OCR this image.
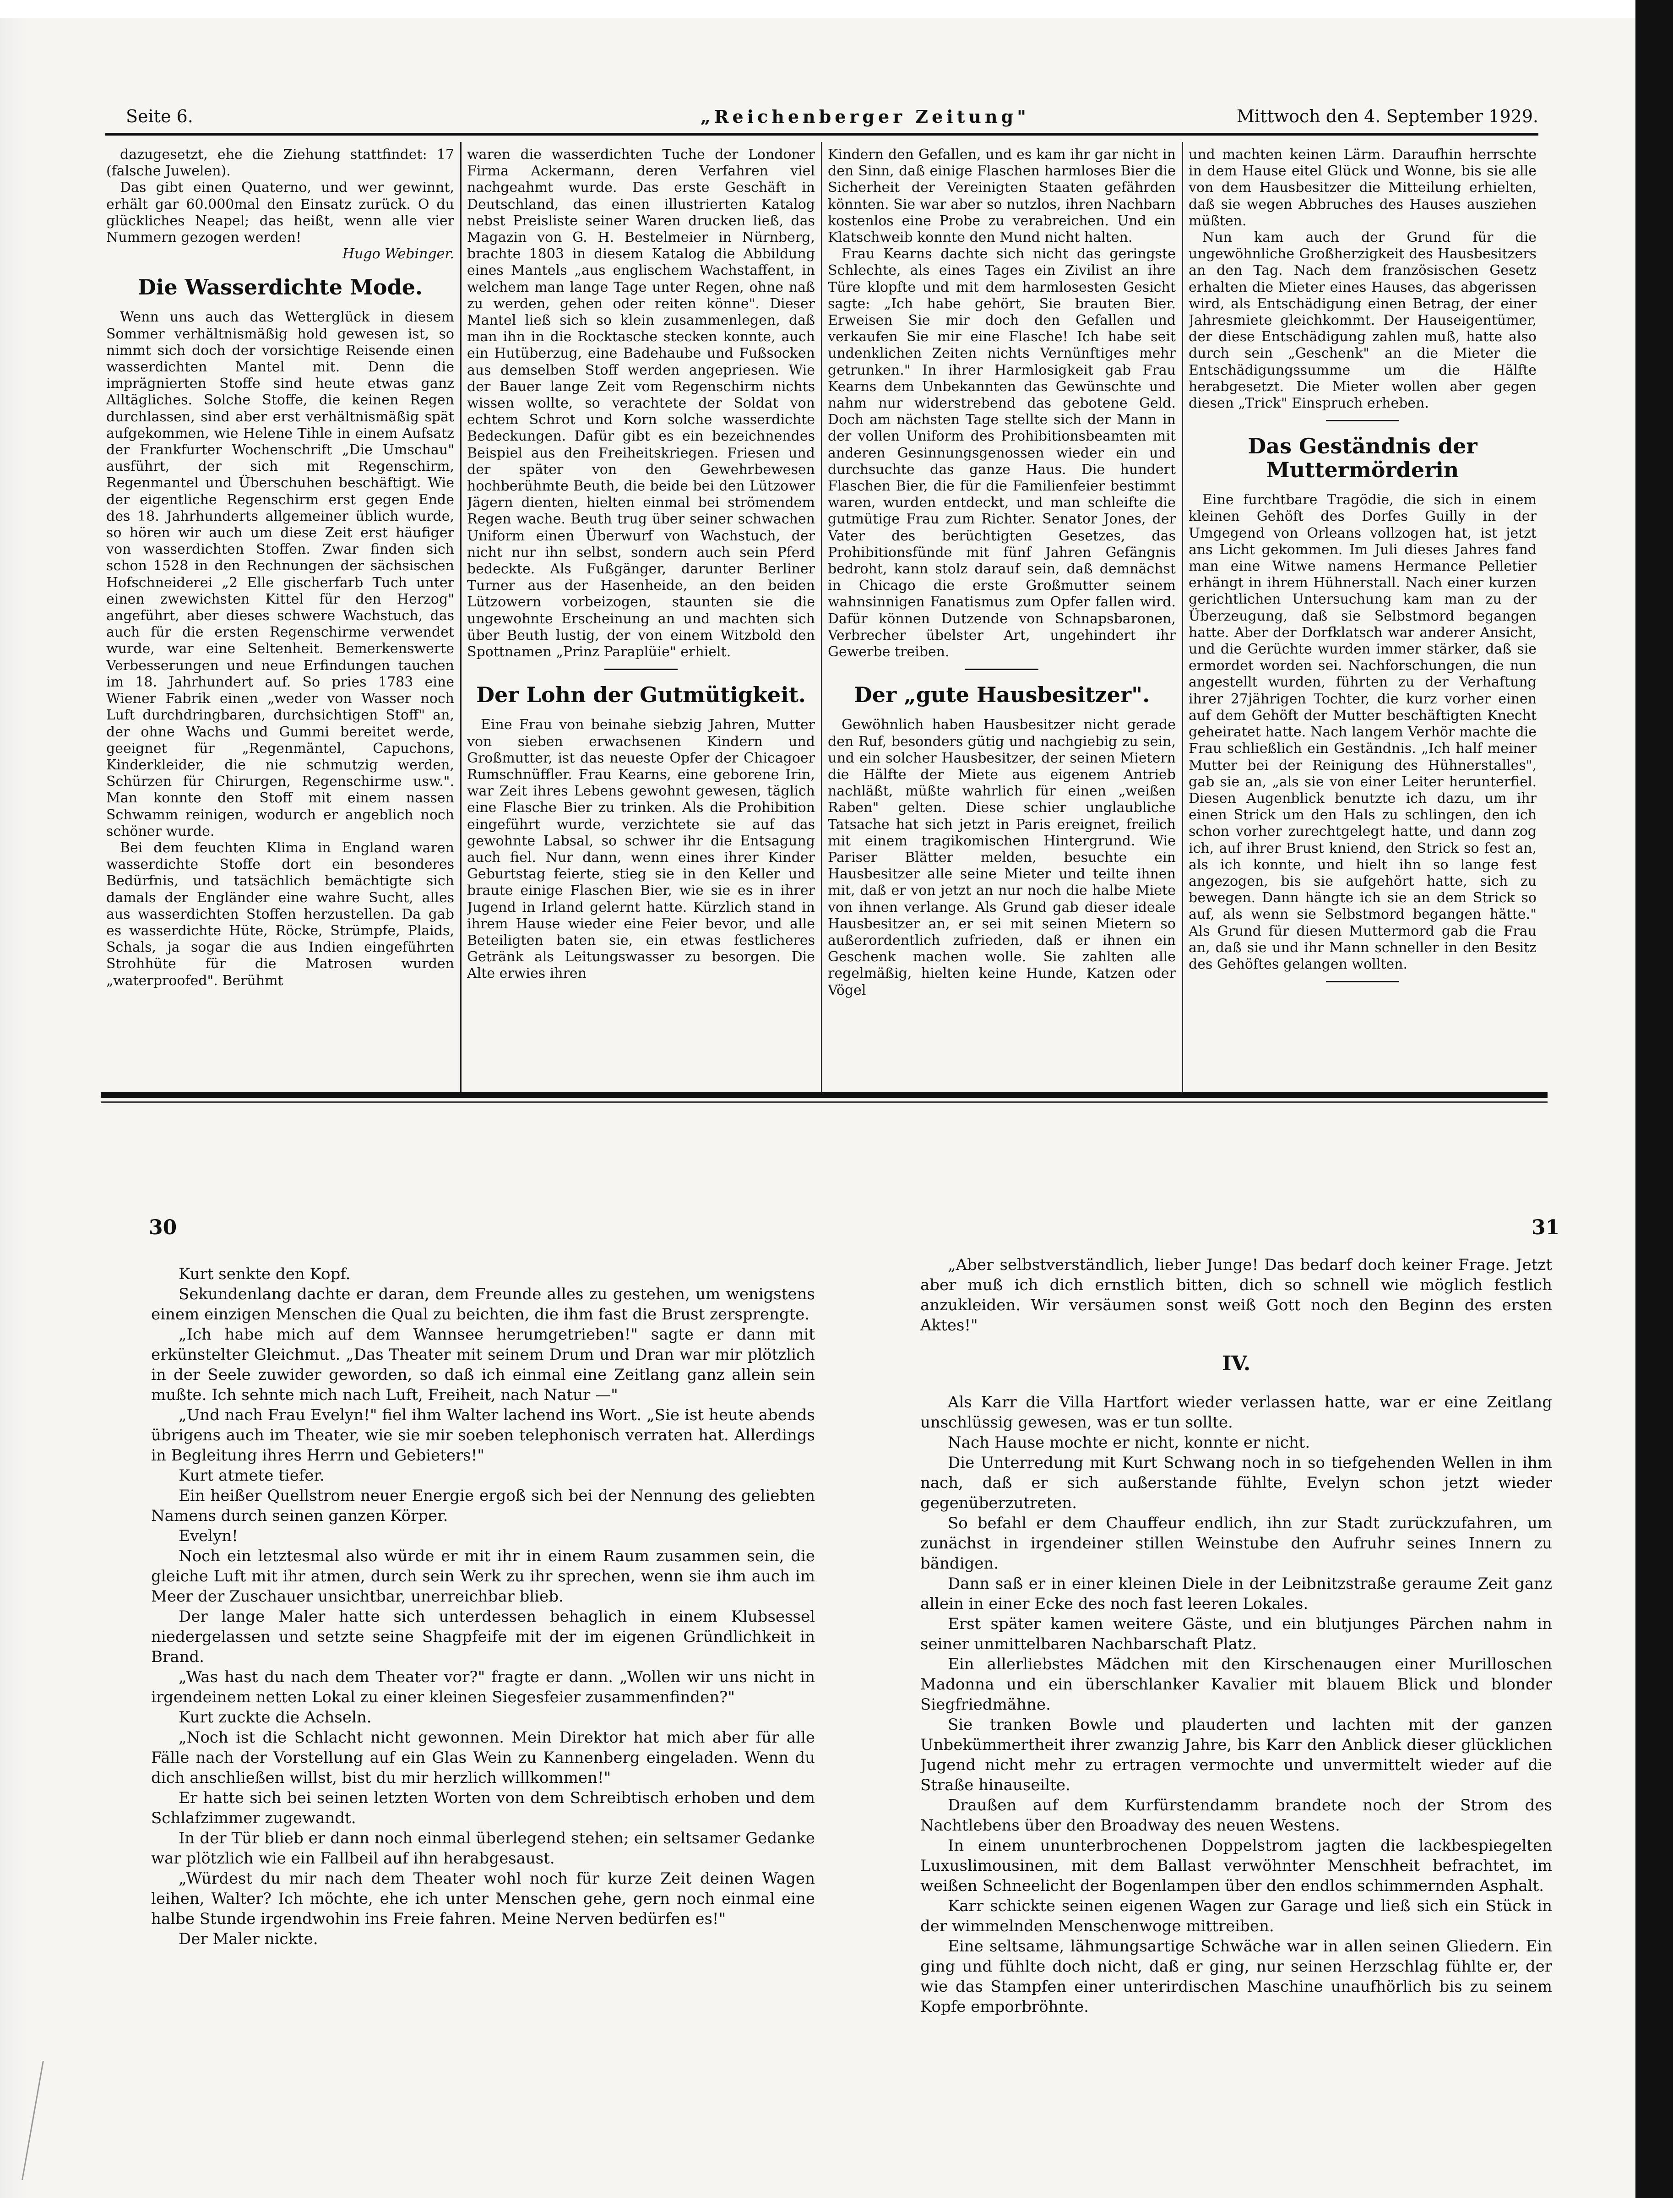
Seite 6.	„Reichenberger Zeitung"	Mittwoch den 4. September 1929.

dazugesetzt, ehe die Ziehung stattfindet: 17 (falsche Juwelen).

Das gibt einen Quaterno, und wer gewinnt, erhält gar 60.000mal den Einsatz zurück. O du glückliches Neapel; das heißt, wenn alle vier Nummern gezogen werden!

Hugo Webinger.

Die Wasserdichte Mode.

Wenn uns auch das Wetterglück in diesem Sommer verhältnismäßig hold gewesen ist, so nimmt sich doch der vorsichtige Reisende einen wasserdichten Mantel mit. Denn die imprägnierten Stoffe sind heute etwas ganz Alltägliches. Solche Stoffe, die keinen Regen durchlassen, sind aber erst verhältnismäßig spät aufgekommen, wie Helene Tihle in einem Aufsatz der Frankfurter Wochenschrift „Die Umschau" ausführt, der sich mit Regenschirm, Regenmantel und Überschuhen beschäftigt. Wie der eigentliche Regenschirm erst gegen Ende des 18. Jahrhunderts allgemeiner üblich wurde, so hören wir auch um diese Zeit erst häufiger von wasserdichten Stoffen. Zwar finden sich schon 1528 in den Rechnungen der sächsischen Hofschneiderei „2 Elle gischerfarb Tuch unter einen zwewichsten Kittel für den Herzog" angeführt, aber dieses schwere Wachstuch, das auch für die ersten Regenschirme verwendet wurde, war eine Seltenheit. Bemerkenswerte Verbesserungen und neue Erfindungen tauchen im 18. Jahrhundert auf. So pries 1783 eine Wiener Fabrik einen „weder von Wasser noch Luft durchdringbaren, durchsichtigen Stoff" an, der ohne Wachs und Gummi bereitet werde, geeignet für „Regenmäntel, Capuchons, Kinderkleider, die nie schmutzig werden, Schürzen für Chirurgen, Regenschirme usw.". Man konnte den Stoff mit einem nassen Schwamm reinigen, wodurch er angeblich noch schöner wurde.

Bei dem feuchten Klima in England waren wasserdichte Stoffe dort ein besonderes Bedürfnis, und tatsächlich bemächtigte sich damals der Engländer eine wahre Sucht, alles aus wasserdichten Stoffen herzustellen. Da gab es wasserdichte Hüte, Röcke, Strümpfe, Plaids, Schals, ja sogar die aus Indien eingeführten Strohhüte für die Matrosen wurden „waterproofed". Berühmt

waren die wasserdichten Tuche der Londoner Firma Ackermann, deren Verfahren viel nachgeahmt wurde. Das erste Geschäft in Deutschland, das einen illustrierten Katalog nebst Preisliste seiner Waren drucken ließ, das Magazin von G. H. Bestelmeier in Nürnberg, brachte 1803 in diesem Katalog die Abbildung eines Mantels „aus englischem Wachstaffent, in welchem man lange Tage unter Regen, ohne naß zu werden, gehen oder reiten könne". Dieser Mantel ließ sich so klein zusammenlegen, daß man ihn in die Rocktasche stecken konnte, auch ein Hutüberzug, eine Badehaube und Fußsocken aus demselben Stoff werden angepriesen. Wie der Bauer lange Zeit vom Regenschirm nichts wissen wollte, so verachtete der Soldat von echtem Schrot und Korn solche wasserdichte Bedeckungen. Dafür gibt es ein bezeichnendes Beispiel aus den Freiheitskriegen. Friesen und der später von den Gewehrbewesen hochberühmte Beuth, die beide bei den Lützower Jägern dienten, hielten einmal bei strömendem Regen wache. Beuth trug über seiner schwachen Uniform einen Überwurf von Wachstuch, der nicht nur ihn selbst, sondern auch sein Pferd bedeckte. Als Fußgänger, darunter Berliner Turner aus der Hasenheide, an den beiden Lützowern vorbeizogen, staunten sie die ungewohnte Erscheinung an und machten sich über Beuth lustig, der von einem Witzbold den Spottnamen „Prinz Paraplüie" erhielt.

Der Lohn der Gutmütigkeit.

Eine Frau von beinahe siebzig Jahren, Mutter von sieben erwachsenen Kindern und Großmutter, ist das neueste Opfer der Chicagoer Rumschnüffler. Frau Kearns, eine geborene Irin, war Zeit ihres Lebens gewohnt gewesen, täglich eine Flasche Bier zu trinken. Als die Prohibition eingeführt wurde, verzichtete sie auf das gewohnte Labsal, so schwer ihr die Entsagung auch fiel. Nur dann, wenn eines ihrer Kinder Geburtstag feierte, stieg sie in den Keller und braute einige Flaschen Bier, wie sie es in ihrer Jugend in Irland gelernt hatte. Kürzlich stand in ihrem Hause wieder eine Feier bevor, und alle Beteiligten baten sie, ein etwas festlicheres Getränk als Leitungswasser zu besorgen. Die Alte erwies ihren

Kindern den Gefallen, und es kam ihr gar nicht in den Sinn, daß einige Flaschen harmloses Bier die Sicherheit der Vereinigten Staaten gefährden könnten. Sie war aber so nutzlos, ihren Nachbarn kostenlos eine Probe zu verabreichen. Und ein Klatschweib konnte den Mund nicht halten.

Frau Kearns dachte sich nicht das geringste Schlechte, als eines Tages ein Zivilist an ihre Türe klopfte und mit dem harmlosesten Gesicht sagte: „Ich habe gehört, Sie brauten Bier. Erweisen Sie mir doch den Gefallen und verkaufen Sie mir eine Flasche! Ich habe seit undenklichen Zeiten nichts Vernünftiges mehr getrunken." In ihrer Harmlosigkeit gab Frau Kearns dem Unbekannten das Gewünschte und nahm nur widerstrebend das gebotene Geld. Doch am nächsten Tage stellte sich der Mann in der vollen Uniform des Prohibitionsbeamten mit anderen Gesinnungsgenossen wieder ein und durchsuchte das ganze Haus. Die hundert Flaschen Bier, die für die Familienfeier bestimmt waren, wurden entdeckt, und man schleifte die gutmütige Frau zum Richter. Senator Jones, der Vater des berüchtigten Gesetzes, das Prohibitionsfünde mit fünf Jahren Gefängnis bedroht, kann stolz darauf sein, daß demnächst in Chicago die erste Großmutter seinem wahnsinnigen Fanatismus zum Opfer fallen wird. Dafür können Dutzende von Schnapsbaronen, Verbrecher übelster Art, ungehindert ihr Gewerbe treiben.

Der „gute Hausbesitzer".

Gewöhnlich haben Hausbesitzer nicht gerade den Ruf, besonders gütig und nachgiebig zu sein, und ein solcher Hausbesitzer, der seinen Mietern die Hälfte der Miete aus eigenem Antrieb nachläßt, müßte wahrlich für einen „weißen Raben" gelten. Diese schier unglaubliche Tatsache hat sich jetzt in Paris ereignet, freilich mit einem tragikomischen Hintergrund. Wie Pariser Blätter melden, besuchte ein Hausbesitzer alle seine Mieter und teilte ihnen mit, daß er von jetzt an nur noch die halbe Miete von ihnen verlange. Als Grund gab dieser ideale Hausbesitzer an, er sei mit seinen Mietern so außerordentlich zufrieden, daß er ihnen ein Geschenk machen wolle. Sie zahlten alle regelmäßig, hielten keine Hunde, Katzen oder Vögel

und machten keinen Lärm. Daraufhin herrschte in dem Hause eitel Glück und Wonne, bis sie alle von dem Hausbesitzer die Mitteilung erhielten, daß sie wegen Abbruches des Hauses ausziehen müßten.

Nun kam auch der Grund für die ungewöhnliche Großherzigkeit des Hausbesitzers an den Tag. Nach dem französischen Gesetz erhalten die Mieter eines Hauses, das abgerissen wird, als Entschädigung einen Betrag, der einer Jahresmiete gleichkommt. Der Hauseigentümer, der diese Entschädigung zahlen muß, hatte also durch sein „Geschenk" an die Mieter die Entschädigungssumme um die Hälfte herabgesetzt. Die Mieter wollen aber gegen diesen „Trick" Einspruch erheben.

Das Geständnis der Muttermörderin

Eine furchtbare Tragödie, die sich in einem kleinen Gehöft des Dorfes Guilly in der Umgegend von Orleans vollzogen hat, ist jetzt ans Licht gekommen. Im Juli dieses Jahres fand man eine Witwe namens Hermance Pelletier erhängt in ihrem Hühnerstall. Nach einer kurzen gerichtlichen Untersuchung kam man zu der Überzeugung, daß sie Selbstmord begangen hatte. Aber der Dorfklatsch war anderer Ansicht, und die Gerüchte wurden immer stärker, daß sie ermordet worden sei. Nachforschungen, die nun angestellt wurden, führten zu der Verhaftung ihrer 27jährigen Tochter, die kurz vorher einen auf dem Gehöft der Mutter beschäftigten Knecht geheiratet hatte. Nach langem Verhör machte die Frau schließlich ein Geständnis. „Ich half meiner Mutter bei der Reinigung des Hühnerstalles", gab sie an, „als sie von einer Leiter herunterfiel. Diesen Augenblick benutzte ich dazu, um ihr einen Strick um den Hals zu schlingen, den ich schon vorher zurechtgelegt hatte, und dann zog ich, auf ihrer Brust kniend, den Strick so fest an, als ich konnte, und hielt ihn so lange fest angezogen, bis sie aufgehört hatte, sich zu bewegen. Dann hängte ich sie an dem Strick so auf, als wenn sie Selbstmord begangen hätte." Als Grund für diesen Muttermord gab die Frau an, daß sie und ihr Mann schneller in den Besitz des Gehöftes gelangen wollten.

30	31

Kurt senkte den Kopf.

Sekundenlang dachte er daran, dem Freunde alles zu gestehen, um wenigstens einem einzigen Menschen die Qual zu beichten, die ihm fast die Brust zersprengte.

„Ich habe mich auf dem Wannsee herumgetrieben!" sagte er dann mit erkünstelter Gleichmut. „Das Theater mit seinem Drum und Dran war mir plötzlich in der Seele zuwider geworden, so daß ich einmal eine Zeitlang ganz allein sein mußte. Ich sehnte mich nach Luft, Freiheit, nach Natur —"

„Und nach Frau Evelyn!" fiel ihm Walter lachend ins Wort. „Sie ist heute abends übrigens auch im Theater, wie sie mir soeben telephonisch verraten hat. Allerdings in Begleitung ihres Herrn und Gebieters!"

Kurt atmete tiefer.

Ein heißer Quellstrom neuer Energie ergoß sich bei der Nennung des geliebten Namens durch seinen ganzen Körper.

Evelyn!

Noch ein letztesmal also würde er mit ihr in einem Raum zusammen sein, die gleiche Luft mit ihr atmen, durch sein Werk zu ihr sprechen, wenn sie ihm auch im Meer der Zuschauer unsichtbar, unerreichbar blieb.

Der lange Maler hatte sich unterdessen behaglich in einem Klubsessel niedergelassen und setzte seine Shagpfeife mit der im eigenen Gründlichkeit in Brand.

„Was hast du nach dem Theater vor?" fragte er dann. „Wollen wir uns nicht in irgendeinem netten Lokal zu einer kleinen Siegesfeier zusammenfinden?"

Kurt zuckte die Achseln.

„Noch ist die Schlacht nicht gewonnen. Mein Direktor hat mich aber für alle Fälle nach der Vorstellung auf ein Glas Wein zu Kannenberg eingeladen. Wenn du dich anschließen willst, bist du mir herzlich willkommen!"

Er hatte sich bei seinen letzten Worten von dem Schreibtisch erhoben und dem Schlafzimmer zugewandt.

In der Tür blieb er dann noch einmal überlegend stehen; ein seltsamer Gedanke war plötzlich wie ein Fallbeil auf ihn herabgesaust.

„Würdest du mir nach dem Theater wohl noch für kurze Zeit deinen Wagen leihen, Walter? Ich möchte, ehe ich unter Menschen gehe, gern noch einmal eine halbe Stunde irgendwohin ins Freie fahren. Meine Nerven bedürfen es!"

Der Maler nickte.

„Aber selbstverständlich, lieber Junge! Das bedarf doch keiner Frage. Jetzt aber muß ich dich ernstlich bitten, dich so schnell wie möglich festlich anzukleiden. Wir versäumen sonst weiß Gott noch den Beginn des ersten Aktes!"

IV.

Als Karr die Villa Hartfort wieder verlassen hatte, war er eine Zeitlang unschlüssig gewesen, was er tun sollte.

Nach Hause mochte er nicht, konnte er nicht.

Die Unterredung mit Kurt Schwang noch in so tiefgehenden Wellen in ihm nach, daß er sich außerstande fühlte, Evelyn schon jetzt wieder gegenüberzutreten.

So befahl er dem Chauffeur endlich, ihn zur Stadt zurückzufahren, um zunächst in irgendeiner stillen Weinstube den Aufruhr seines Innern zu bändigen.

Dann saß er in einer kleinen Diele in der Leibnitzstraße geraume Zeit ganz allein in einer Ecke des noch fast leeren Lokales.

Erst später kamen weitere Gäste, und ein blutjunges Pärchen nahm in seiner unmittelbaren Nachbarschaft Platz.

Ein allerliebstes Mädchen mit den Kirschenaugen einer Murilloschen Madonna und ein überschlanker Kavalier mit blauem Blick und blonder Siegfriedmähne.

Sie tranken Bowle und plauderten und lachten mit der ganzen Unbekümmertheit ihrer zwanzig Jahre, bis Karr den Anblick dieser glücklichen Jugend nicht mehr zu ertragen vermochte und unvermittelt wieder auf die Straße hinauseilte.

Draußen auf dem Kurfürstendamm brandete noch der Strom des Nachtlebens über den Broadway des neuen Westens.

In einem ununterbrochenen Doppelstrom jagten die lackbespiegelten Luxuslimousinen, mit dem Ballast verwöhnter Menschheit befrachtet, im weißen Schneelicht der Bogenlampen über den endlos schimmernden Asphalt.

Karr schickte seinen eigenen Wagen zur Garage und ließ sich ein Stück in der wimmelnden Menschenwoge mittreiben.

Eine seltsame, lähmungsartige Schwäche war in allen seinen Gliedern. Ein ging und fühlte doch nicht, daß er ging, nur seinen Herzschlag fühlte er, der wie das Stampfen einer unterirdischen Maschine unaufhörlich bis zu seinem Kopfe emporbröhnte.
